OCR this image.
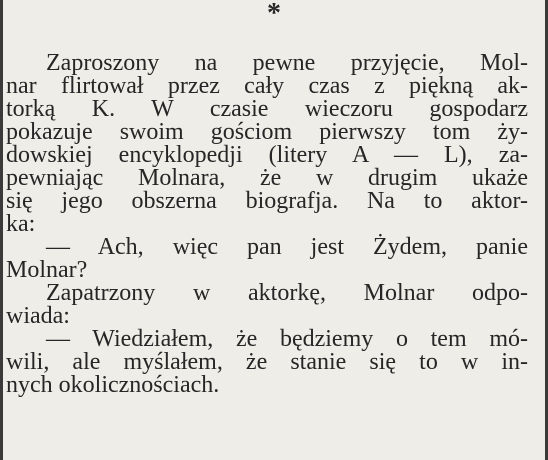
*
Zaproszony na pewne przyjęcie, Mol-
nar flirtował przez cały czas z piękną ak-
torką K. W czasie wieczoru gospodarz
pokazuje swoim gościom pierwszy tom ży-
dowskiej encyklopedji (litery A — L), za-
pewniając Molnara, że w drugim ukaże
się jego obszerna biografja. Na to aktor-
ka:
— Ach, więc pan jest Żydem, panie
Molnar?
Zapatrzony w aktorkę, Molnar odpo-
wiada:
— Wiedziałem, że będziemy o tem mó-
wili, ale myślałem, że stanie się to w in-
nych okolicznościach.
